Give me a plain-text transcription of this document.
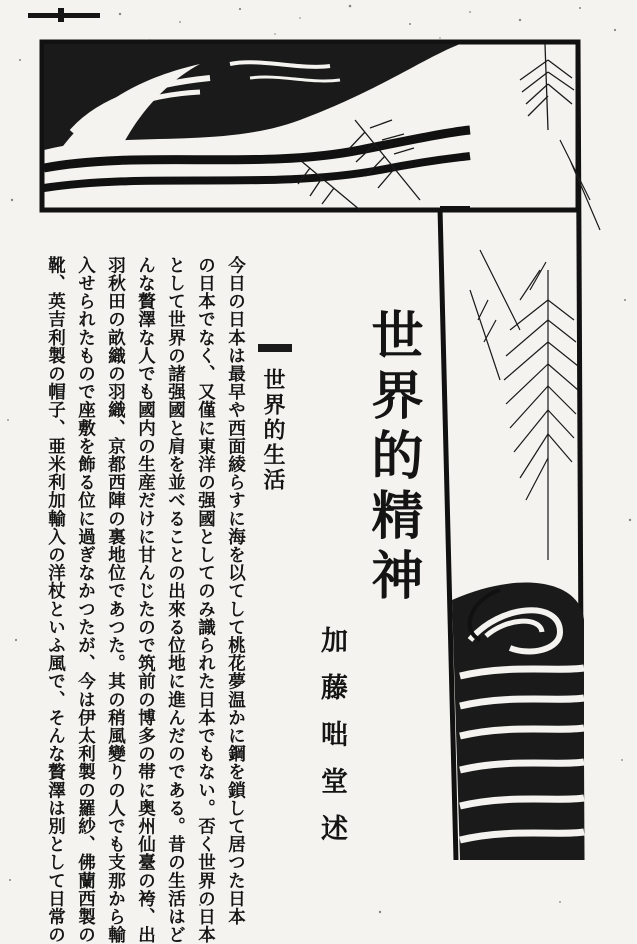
世界的精神
加藤咄堂述
世界的生活

今日の日本は最早や西面綾らすに海を以てして桃花夢温かに鋼を鎖して居つた日本

の日本でなく、又僅に東洋の强國としてのみ識られた日本でもない。否く世界の日本

として世界の諸强國と肩を並べることの出來る位地に進んだのである。昔の生活はど

んな贅澤な人でも國内の生産だけに甘んじたので筑前の博多の帯に奥州仙臺の袴、出

羽秋田の畝織の羽織、京都西陣の裏地位であつた。其の稍風變りの人でも支那から輸

入せられたもので座敷を飾る位に過ぎなかつたが、今は伊太利製の羅紗、佛蘭西製の

靴、英吉利製の帽子、亜米利加輸入の洋杖といふ風で、そんな贅澤は別として日常の
